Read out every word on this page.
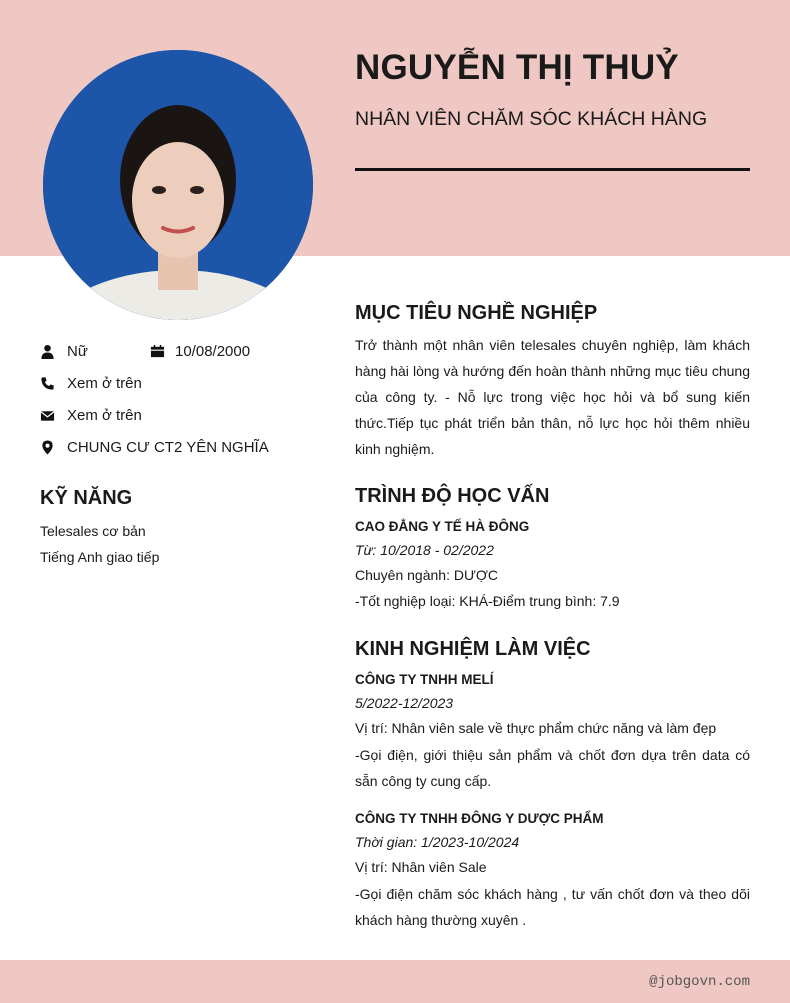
NGUYỄN THỊ THUỶ
NHÂN VIÊN CHĂM SÓC KHÁCH HÀNG
Nữ	10/08/2000
Xem ở trên
Xem ở trên
CHUNG CƯ CT2 YÊN NGHĨA
KỸ NĂNG
Telesales cơ bản
Tiếng Anh giao tiếp
MỤC TIÊU NGHỀ NGHIỆP
Trở thành một nhân viên telesales chuyên nghiệp, làm khách hàng hài lòng và hướng đến hoàn thành những mục tiêu chung của công ty. - Nỗ lực trong việc học hỏi và bổ sung kiến thức.Tiếp tục phát triển bản thân, nỗ lực học hỏi thêm nhiều kinh nghiệm.
TRÌNH ĐỘ HỌC VẤN
CAO ĐẲNG Y TẾ HÀ ĐÔNG
Từ: 10/2018 - 02/2022
Chuyên ngành: DƯỢC
-Tốt nghiệp loại: KHÁ-Điểm trung bình: 7.9
KINH NGHIỆM LÀM VIỆC
CÔNG TY TNHH MELÍ
5/2022-12/2023
Vị trí: Nhân viên sale về thực phẩm chức năng và làm đẹp
-Gọi điện, giới thiệu sản phẩm và chốt đơn dựa trên data có sẵn công ty cung cấp.
CÔNG TY TNHH ĐÔNG Y DƯỢC PHẨM
Thời gian: 1/2023-10/2024
Vị trí: Nhân viên Sale
-Gọi điện chăm sóc khách hàng , tư vấn chốt đơn và theo dõi khách hàng thường xuyên .
@jobgovn.com
